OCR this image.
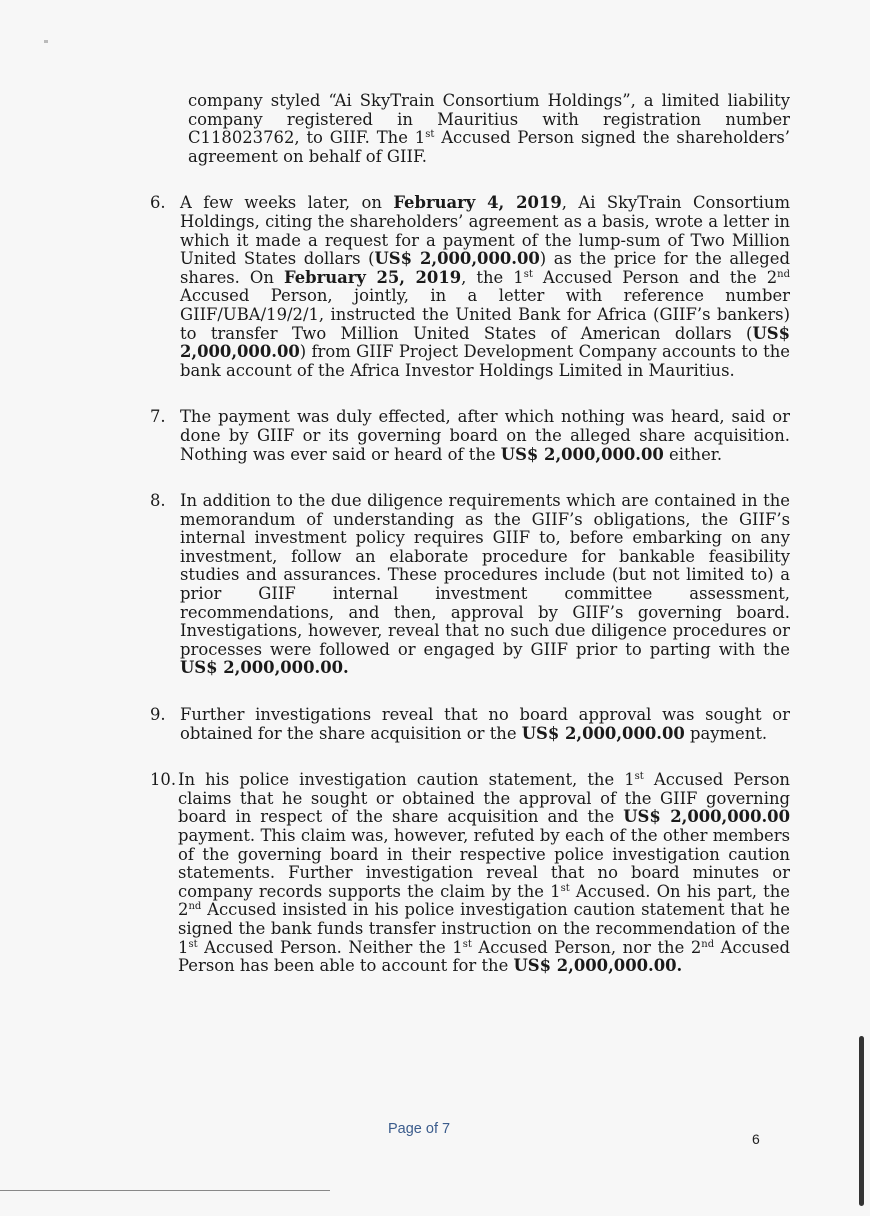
company styled “Ai SkyTrain Consortium Holdings”, a limited liability company registered in Mauritius with registration number C118023762, to GIIF. The 1st Accused Person signed the shareholders’ agreement on behalf of GIIF.
6. A few weeks later, on February 4, 2019, Ai SkyTrain Consortium Holdings, citing the shareholders’ agreement as a basis, wrote a letter in which it made a request for a payment of the lump-sum of Two Million United States dollars (US$ 2,000,000.00) as the price for the alleged shares. On February 25, 2019, the 1st Accused Person and the 2nd Accused Person, jointly, in a letter with reference number GIIF/UBA/19/2/1, instructed the United Bank for Africa (GIIF’s bankers) to transfer Two Million United States of American dollars (US$ 2,000,000.00) from GIIF Project Development Company accounts to the bank account of the Africa Investor Holdings Limited in Mauritius.
7. The payment was duly effected, after which nothing was heard, said or done by GIIF or its governing board on the alleged share acquisition. Nothing was ever said or heard of the US$ 2,000,000.00 either.
8. In addition to the due diligence requirements which are contained in the memorandum of understanding as the GIIF’s obligations, the GIIF’s internal investment policy requires GIIF to, before embarking on any investment, follow an elaborate procedure for bankable feasibility studies and assurances. These procedures include (but not limited to) a prior GIIF internal investment committee assessment, recommendations, and then, approval by GIIF’s governing board. Investigations, however, reveal that no such due diligence procedures or processes were followed or engaged by GIIF prior to parting with the US$ 2,000,000.00.
9. Further investigations reveal that no board approval was sought or obtained for the share acquisition or the US$ 2,000,000.00 payment.
10. In his police investigation caution statement, the 1st Accused Person claims that he sought or obtained the approval of the GIIF governing board in respect of the share acquisition and the US$ 2,000,000.00 payment. This claim was, however, refuted by each of the other members of the governing board in their respective police investigation caution statements. Further investigation reveal that no board minutes or company records supports the claim by the 1st Accused. On his part, the 2nd Accused insisted in his police investigation caution statement that he signed the bank funds transfer instruction on the recommendation of the 1st Accused Person. Neither the 1st Accused Person, nor the 2nd Accused Person has been able to account for the US$ 2,000,000.00.
Page of 7
6
